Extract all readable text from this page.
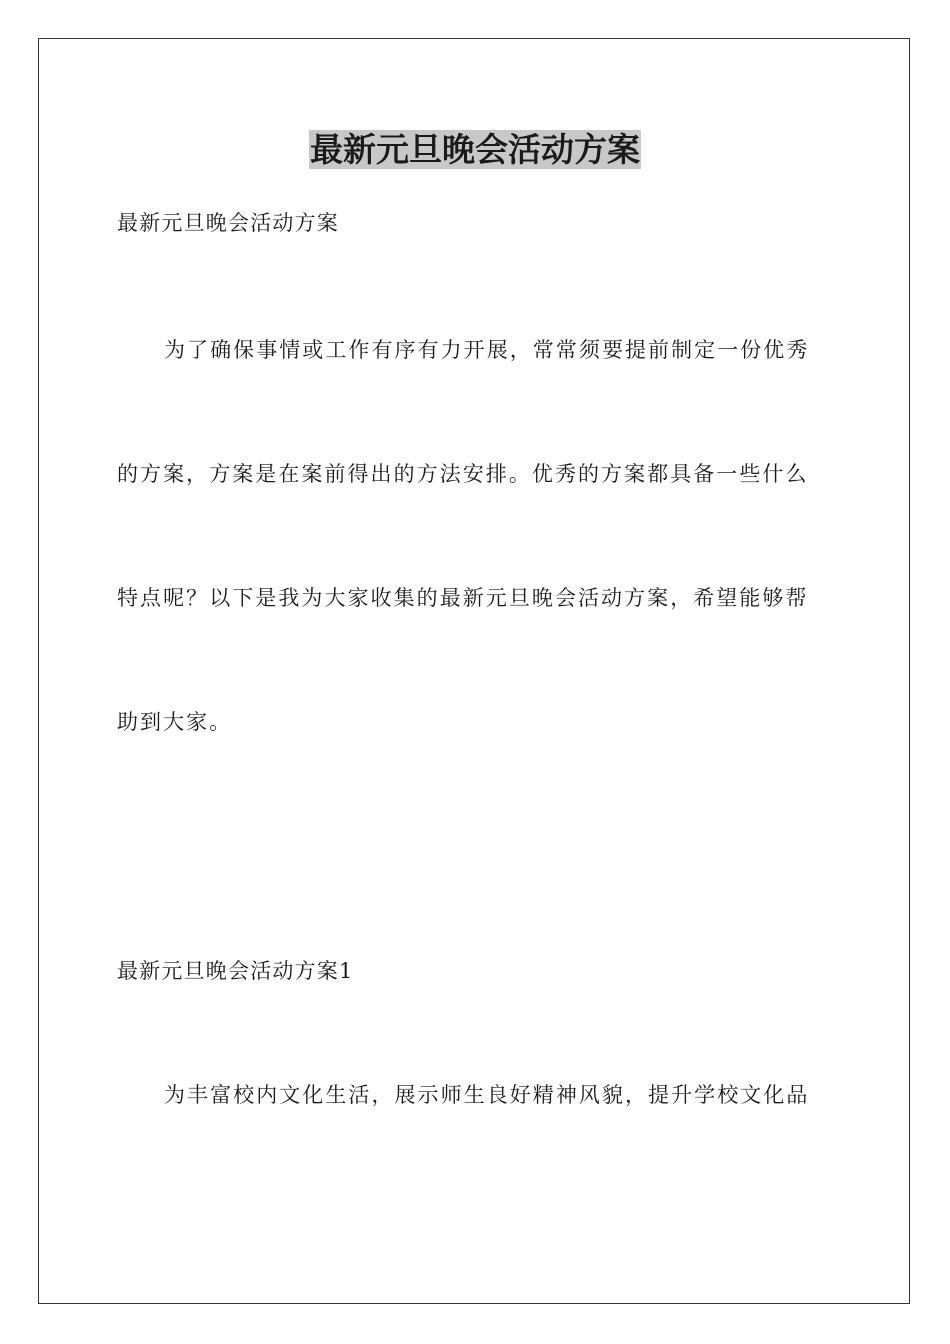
最新元旦晚会活动方案

最新元旦晚会活动方案

为了确保事情或工作有序有力开展，常常须要提前制定一份优秀

的方案，方案是在案前得出的方法安排。优秀的方案都具备一些什么

特点呢？以下是我为大家收集的最新元旦晚会活动方案，希望能够帮

助到大家。

最新元旦晚会活动方案1

为丰富校内文化生活，展示师生良好精神风貌，提升学校文化品
